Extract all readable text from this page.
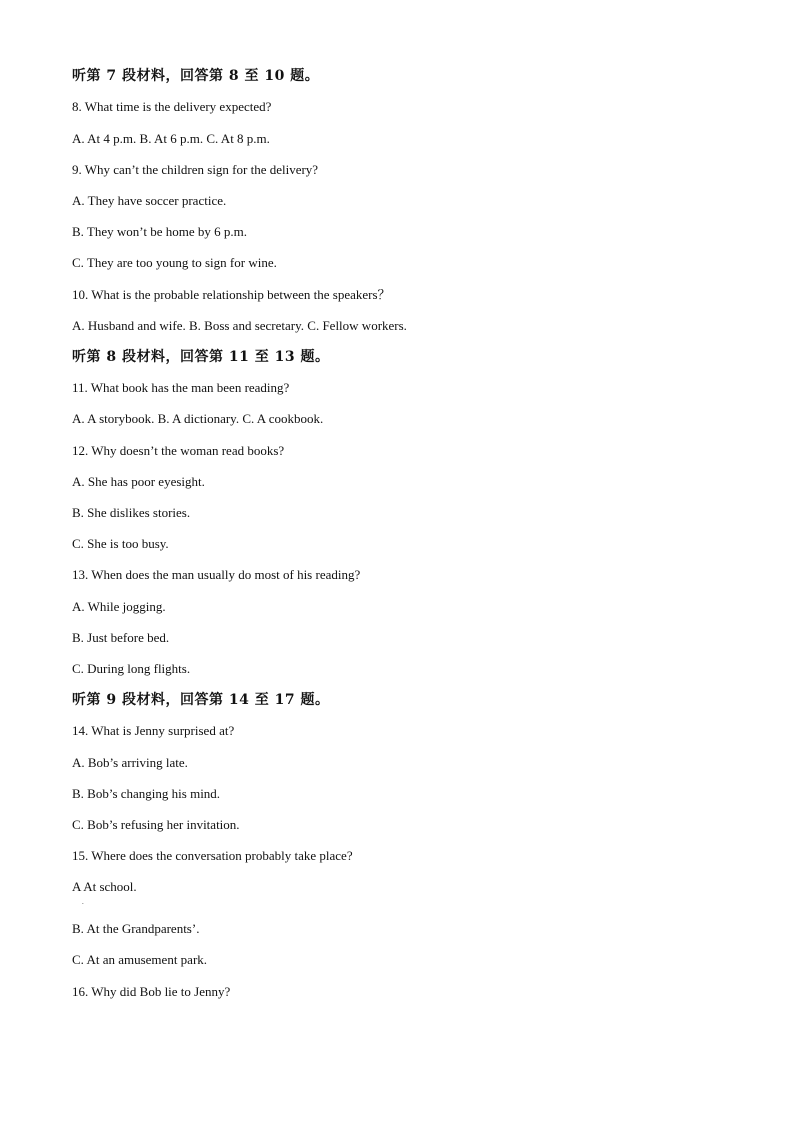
听第 7 段材料，回答第 8 至 10 题。
8. What time is the delivery expected?
A. At 4 p.m. B. At 6 p.m. C. At 8 p.m.
9. Why can’t the children sign for the delivery?
A. They have soccer practice.
B. They won’t be home by 6 p.m.
C. They are too young to sign for wine.
10. What is the probable relationship between the speakers？
A. Husband and wife. B. Boss and secretary. C. Fellow workers.
听第 8 段材料，回答第 11 至 13 题。
11. What book has the man been reading?
A. A storybook. B. A dictionary. C. A cookbook.
12. Why doesn’t the woman read books?
A. She has poor eyesight.
B. She dislikes stories.
C. She is too busy.
13. When does the man usually do most of his reading?
A. While jogging.
B. Just before bed.
C. During long flights.
听第 9 段材料，回答第 14 至 17 题。
14. What is Jenny surprised at?
A. Bob’s arriving late.
B. Bob’s changing his mind.
C. Bob’s refusing her invitation.
15. Where does the conversation probably take place?
A At school.
.
B. At the Grandparents’.
C. At an amusement park.
16. Why did Bob lie to Jenny?
